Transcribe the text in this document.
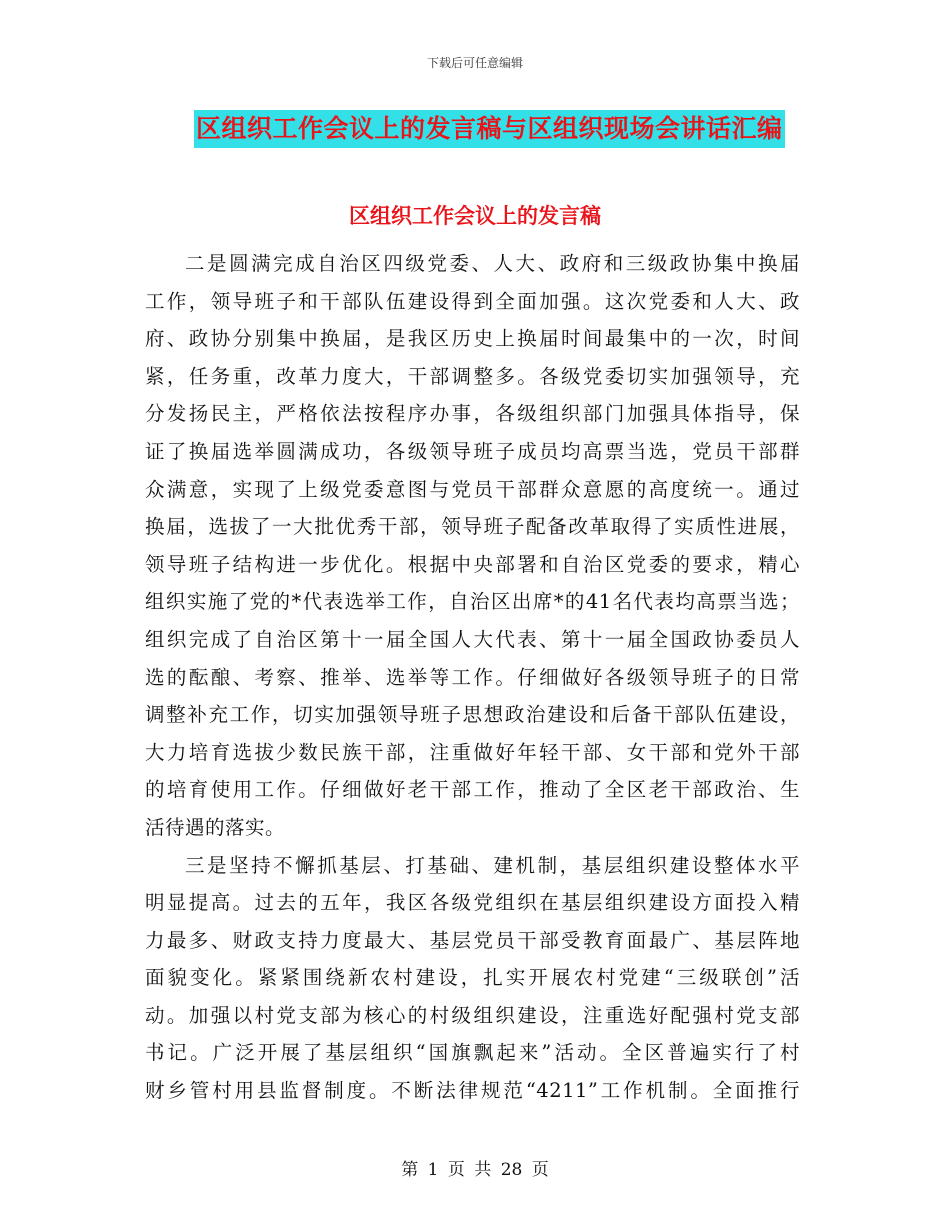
下载后可任意编辑
区组织工作会议上的发言稿与区组织现场会讲话汇编
区组织工作会议上的发言稿
二是圆满完成自治区四级党委、人大、政府和三级政协集中换届
工作，领导班子和干部队伍建设得到全面加强。这次党委和人大、政
府、政协分别集中换届，是我区历史上换届时间最集中的一次，时间
紧，任务重，改革力度大，干部调整多。各级党委切实加强领导，充
分发扬民主，严格依法按程序办事，各级组织部门加强具体指导，保
证了换届选举圆满成功，各级领导班子成员均高票当选，党员干部群
众满意，实现了上级党委意图与党员干部群众意愿的高度统一。通过
换届，选拔了一大批优秀干部，领导班子配备改革取得了实质性进展，
领导班子结构进一步优化。根据中央部署和自治区党委的要求，精心
组织实施了党的*代表选举工作，自治区出席*的41名代表均高票当选；
组织完成了自治区第十一届全国人大代表、第十一届全国政协委员人
选的酝酿、考察、推举、选举等工作。仔细做好各级领导班子的日常
调整补充工作，切实加强领导班子思想政治建设和后备干部队伍建设，
大力培育选拔少数民族干部，注重做好年轻干部、女干部和党外干部
的培育使用工作。仔细做好老干部工作，推动了全区老干部政治、生
活待遇的落实。
三是坚持不懈抓基层、打基础、建机制，基层组织建设整体水平
明显提高。过去的五年，我区各级党组织在基层组织建设方面投入精
力最多、财政支持力度最大、基层党员干部受教育面最广、基层阵地
面貌变化。紧紧围绕新农村建设，扎实开展农村党建“三级联创”活
动。加强以村党支部为核心的村级组织建设，注重选好配强村党支部
书记。广泛开展了基层组织“国旗飘起来”活动。全区普遍实行了村
财乡管村用县监督制度。不断法律规范“4211”工作机制。全面推行
第 1 页 共 28 页
